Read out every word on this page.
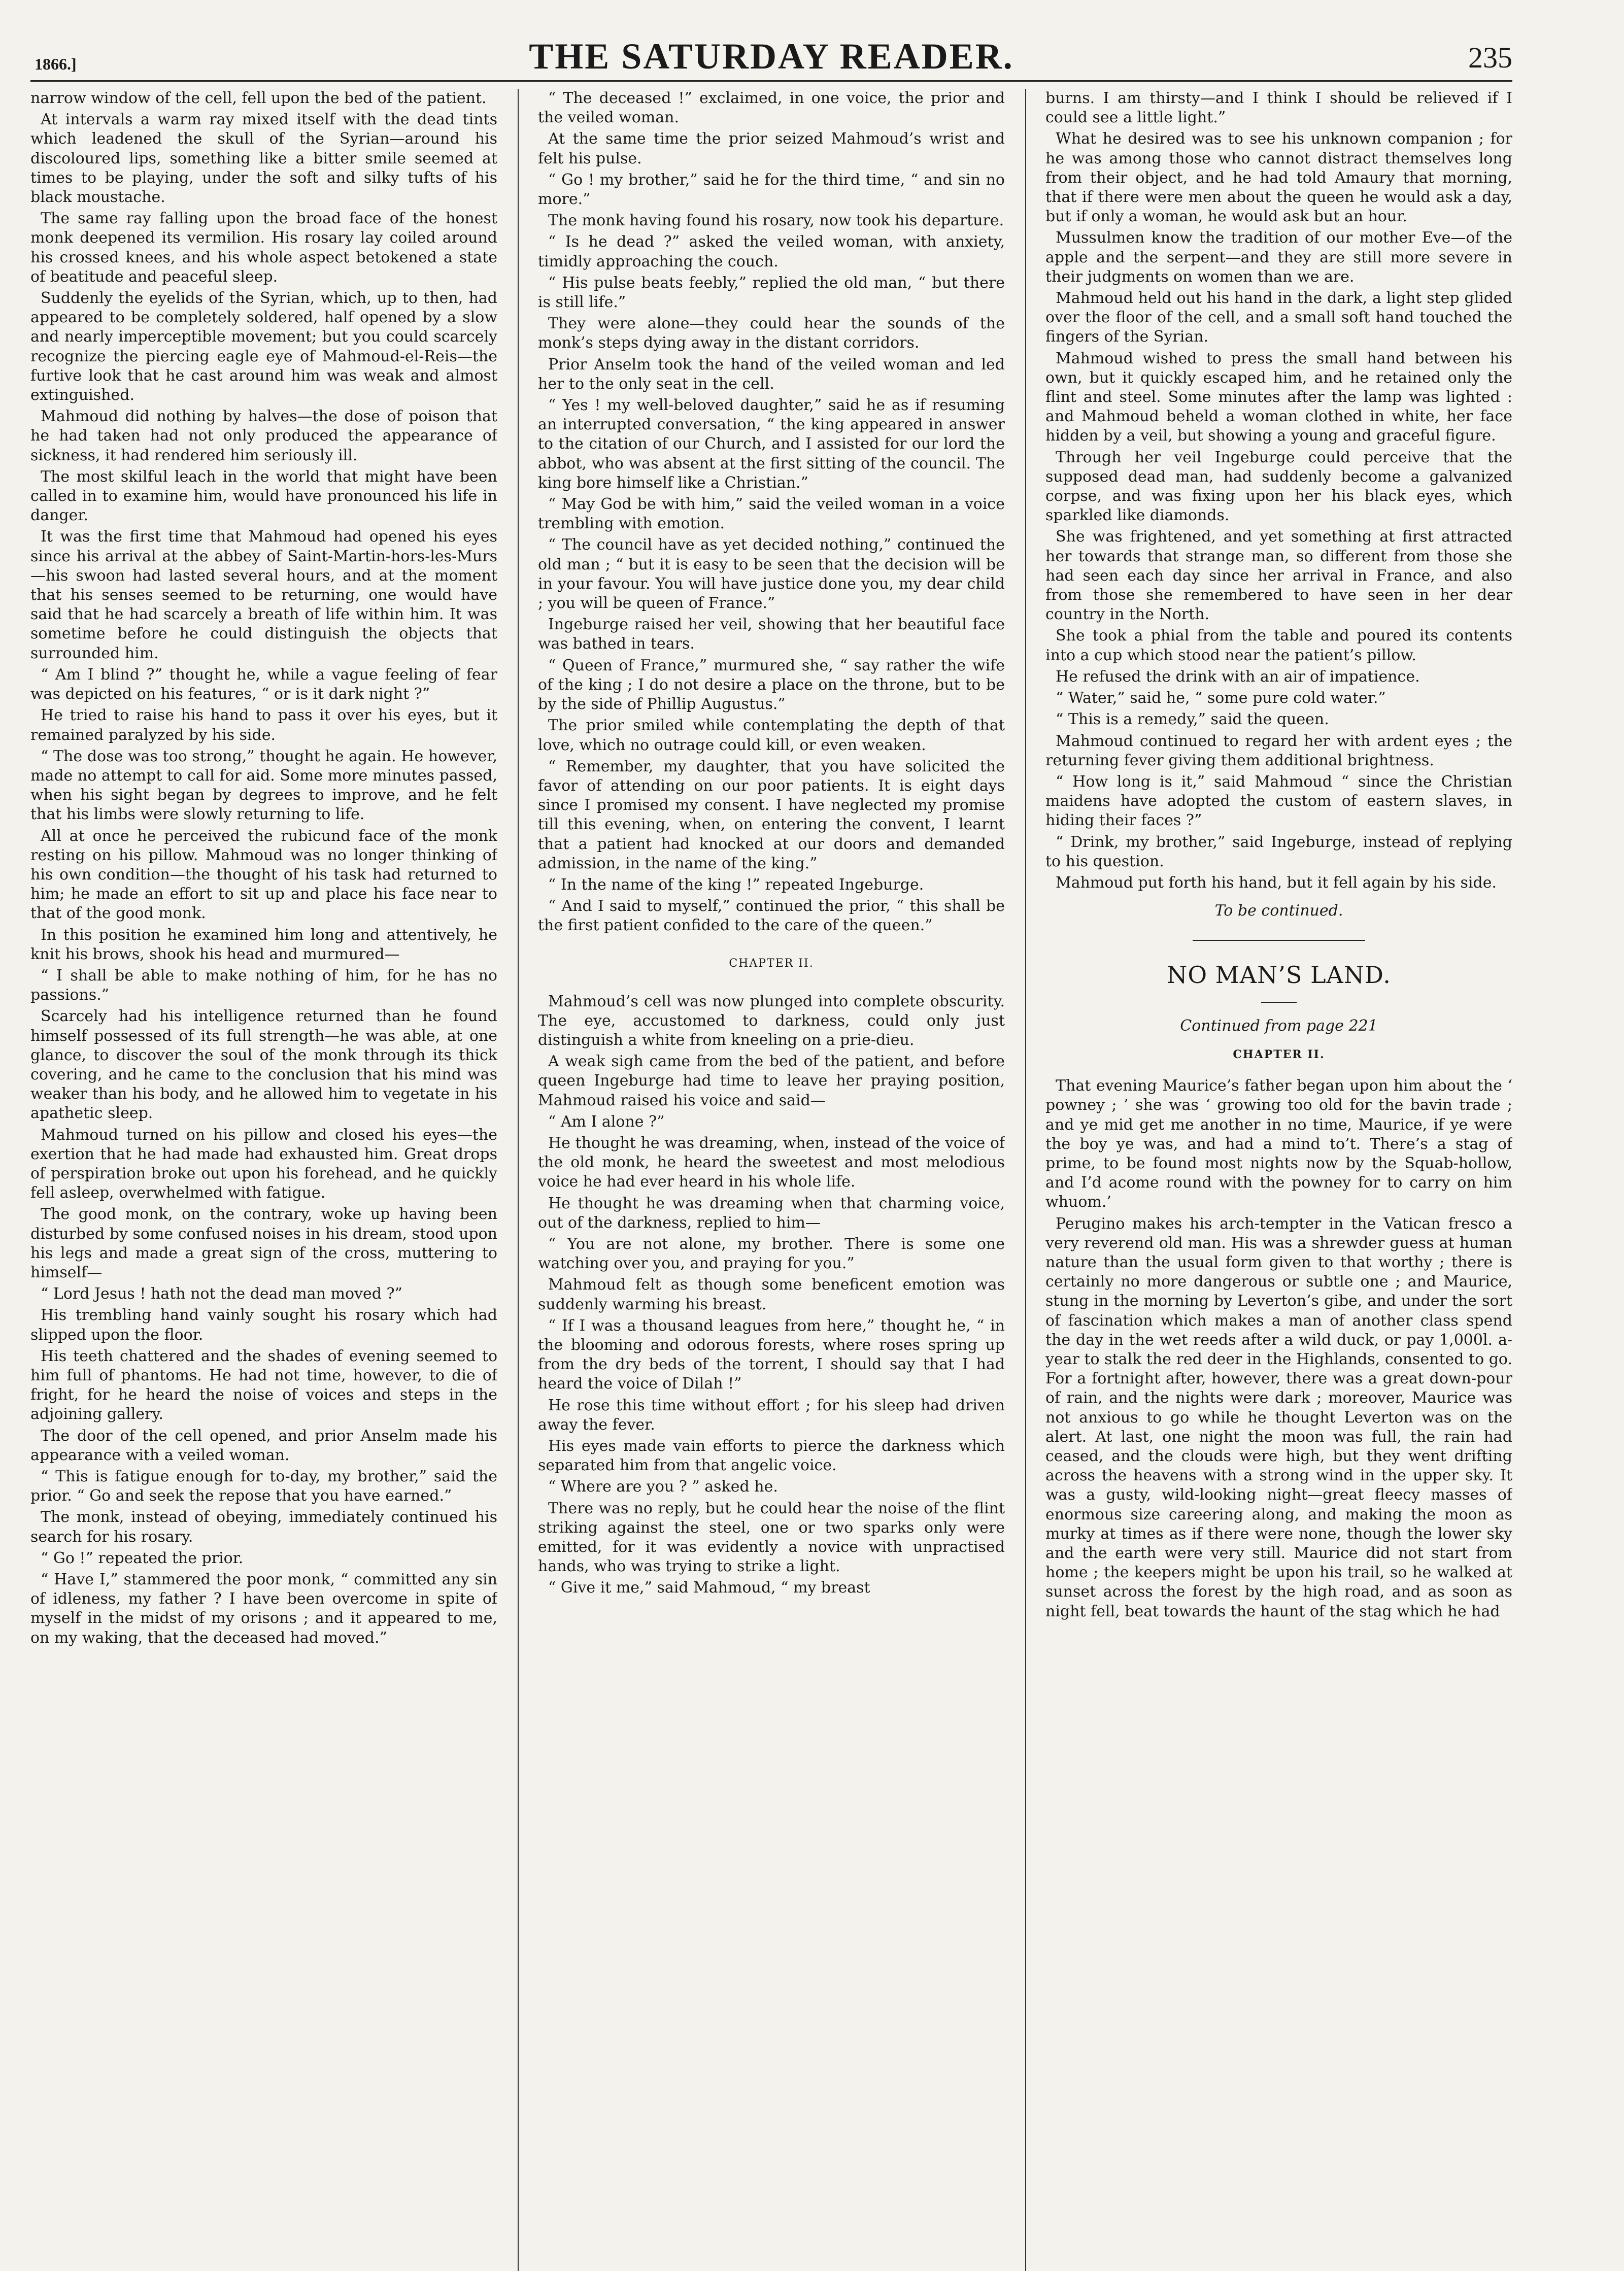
1866.]	THE SATURDAY READER.	235

narrow window of the cell, fell upon the bed of the patient.

At intervals a warm ray mixed itself with the dead tints which leadened the skull of the Syrian—around his discoloured lips, something like a bitter smile seemed at times to be playing, under the soft and silky tufts of his black moustache.

The same ray falling upon the broad face of the honest monk deepened its vermilion. His rosary lay coiled around his crossed knees, and his whole aspect betokened a state of beatitude and peaceful sleep.

Suddenly the eyelids of the Syrian, which, up to then, had appeared to be completely soldered, half opened by a slow and nearly imperceptible movement; but you could scarcely recognize the piercing eagle eye of Mahmoud-el-Reis—the furtive look that he cast around him was weak and almost extinguished.

Mahmoud did nothing by halves—the dose of poison that he had taken had not only produced the appearance of sickness, it had rendered him seriously ill.

The most skilful leach in the world that might have been called in to examine him, would have pronounced his life in danger.

It was the first time that Mahmoud had opened his eyes since his arrival at the abbey of Saint-Martin-hors-les-Murs—his swoon had lasted several hours, and at the moment that his senses seemed to be returning, one would have said that he had scarcely a breath of life within him. It was sometime before he could distinguish the objects that surrounded him.

“ Am I blind ?” thought he, while a vague feeling of fear was depicted on his features, “ or is it dark night ?”

He tried to raise his hand to pass it over his eyes, but it remained paralyzed by his side.

“ The dose was too strong,” thought he again. He however, made no attempt to call for aid. Some more minutes passed, when his sight began by degrees to improve, and he felt that his limbs were slowly returning to life.

All at once he perceived the rubicund face of the monk resting on his pillow. Mahmoud was no longer thinking of his own condition—the thought of his task had returned to him; he made an effort to sit up and place his face near to that of the good monk.

In this position he examined him long and attentively, he knit his brows, shook his head and murmured—

“ I shall be able to make nothing of him, for he has no passions.”

Scarcely had his intelligence returned than he found himself possessed of its full strength—he was able, at one glance, to discover the soul of the monk through its thick covering, and he came to the conclusion that his mind was weaker than his body, and he allowed him to vegetate in his apathetic sleep.

Mahmoud turned on his pillow and closed his eyes—the exertion that he had made had exhausted him. Great drops of perspiration broke out upon his forehead, and he quickly fell asleep, overwhelmed with fatigue.

The good monk, on the contrary, woke up having been disturbed by some confused noises in his dream, stood upon his legs and made a great sign of the cross, muttering to himself—

“ Lord Jesus ! hath not the dead man moved ?”

His trembling hand vainly sought his rosary which had slipped upon the floor.

His teeth chattered and the shades of evening seemed to him full of phantoms. He had not time, however, to die of fright, for he heard the noise of voices and steps in the adjoining gallery.

The door of the cell opened, and prior Anselm made his appearance with a veiled woman.

“ This is fatigue enough for to-day, my brother,” said the prior. “ Go and seek the repose that you have earned.”

The monk, instead of obeying, immediately continued his search for his rosary.

“ Go !” repeated the prior.

“ Have I,” stammered the poor monk, “ committed any sin of idleness, my father ? I have been overcome in spite of myself in the midst of my orisons ; and it appeared to me, on my waking, that the deceased had moved.”

“ The deceased !” exclaimed, in one voice, the prior and the veiled woman.

At the same time the prior seized Mahmoud’s wrist and felt his pulse.

“ Go ! my brother,” said he for the third time, “ and sin no more.”

The monk having found his rosary, now took his departure.

“ Is he dead ?” asked the veiled woman, with anxiety, timidly approaching the couch.

“ His pulse beats feebly,” replied the old man, “ but there is still life.”

They were alone—they could hear the sounds of the monk’s steps dying away in the distant corridors.

Prior Anselm took the hand of the veiled woman and led her to the only seat in the cell.

“ Yes ! my well-beloved daughter,” said he as if resuming an interrupted conversation, “ the king appeared in answer to the citation of our Church, and I assisted for our lord the abbot, who was absent at the first sitting of the council. The king bore himself like a Christian.”

“ May God be with him,” said the veiled woman in a voice trembling with emotion.

“ The council have as yet decided nothing,” continued the old man ; “ but it is easy to be seen that the decision will be in your favour. You will have justice done you, my dear child ; you will be queen of France.”

Ingeburge raised her veil, showing that her beautiful face was bathed in tears.

“ Queen of France,” murmured she, “ say rather the wife of the king ; I do not desire a place on the throne, but to be by the side of Phillip Augustus.”

The prior smiled while contemplating the depth of that love, which no outrage could kill, or even weaken.

“ Remember, my daughter, that you have solicited the favor of attending on our poor patients. It is eight days since I promised my consent. I have neglected my promise till this evening, when, on entering the convent, I learnt that a patient had knocked at our doors and demanded admission, in the name of the king.”

“ In the name of the king !” repeated Ingeburge.

“ And I said to myself,” continued the prior, “ this shall be the first patient confided to the care of the queen.”

CHAPTER II.

Mahmoud’s cell was now plunged into complete obscurity. The eye, accustomed to darkness, could only just distinguish a white from kneeling on a prie-dieu.

A weak sigh came from the bed of the patient, and before queen Ingeburge had time to leave her praying position, Mahmoud raised his voice and said—

“ Am I alone ?”

He thought he was dreaming, when, instead of the voice of the old monk, he heard the sweetest and most melodious voice he had ever heard in his whole life.

He thought he was dreaming when that charming voice, out of the darkness, replied to him—

“ You are not alone, my brother. There is some one watching over you, and praying for you.”

Mahmoud felt as though some beneficent emotion was suddenly warming his breast.

“ If I was a thousand leagues from here,” thought he, “ in the blooming and odorous forests, where roses spring up from the dry beds of the torrent, I should say that I had heard the voice of Dilah !”

He rose this time without effort ; for his sleep had driven away the fever.

His eyes made vain efforts to pierce the darkness which separated him from that angelic voice.

“ Where are you ? ” asked he.

There was no reply, but he could hear the noise of the flint striking against the steel, one or two sparks only were emitted, for it was evidently a novice with unpractised hands, who was trying to strike a light.

“ Give it me,” said Mahmoud, “ my breast

burns. I am thirsty—and I think I should be relieved if I could see a little light.”

What he desired was to see his unknown companion ; for he was among those who cannot distract themselves long from their object, and he had told Amaury that morning, that if there were men about the queen he would ask a day, but if only a woman, he would ask but an hour.

Mussulmen know the tradition of our mother Eve—of the apple and the serpent—and they are still more severe in their judgments on women than we are.

Mahmoud held out his hand in the dark, a light step glided over the floor of the cell, and a small soft hand touched the fingers of the Syrian.

Mahmoud wished to press the small hand between his own, but it quickly escaped him, and he retained only the flint and steel. Some minutes after the lamp was lighted : and Mahmoud beheld a woman clothed in white, her face hidden by a veil, but showing a young and graceful figure.

Through her veil Ingeburge could perceive that the supposed dead man, had suddenly become a galvanized corpse, and was fixing upon her his black eyes, which sparkled like diamonds.

She was frightened, and yet something at first attracted her towards that strange man, so different from those she had seen each day since her arrival in France, and also from those she remembered to have seen in her dear country in the North.

She took a phial from the table and poured its contents into a cup which stood near the patient’s pillow.

He refused the drink with an air of impatience.

“ Water,” said he, “ some pure cold water.”

“ This is a remedy,” said the queen.

Mahmoud continued to regard her with ardent eyes ; the returning fever giving them additional brightness.

“ How long is it,” said Mahmoud “ since the Christian maidens have adopted the custom of eastern slaves, in hiding their faces ?”

“ Drink, my brother,” said Ingeburge, instead of replying to his question.

Mahmoud put forth his hand, but it fell again by his side.

To be continued.
NO MAN’S LAND.
Continued from page 221
CHAPTER II.

That evening Maurice’s father began upon him about the ‘ powney ; ’ she was ‘ growing too old for the bavin trade ; and ye mid get me another in no time, Maurice, if ye were the boy ye was, and had a mind to’t. There’s a stag of prime, to be found most nights now by the Squab-hollow, and I’d acome round with the powney for to carry on him whuom.’

Perugino makes his arch-tempter in the Vatican fresco a very reverend old man. His was a shrewder guess at human nature than the usual form given to that worthy ; there is certainly no more dangerous or subtle one ; and Maurice, stung in the morning by Leverton’s gibe, and under the sort of fascination which makes a man of another class spend the day in the wet reeds after a wild duck, or pay 1,000l. a-year to stalk the red deer in the Highlands, consented to go. For a fortnight after, however, there was a great down-pour of rain, and the nights were dark ; moreover, Maurice was not anxious to go while he thought Leverton was on the alert. At last, one night the moon was full, the rain had ceased, and the clouds were high, but they went drifting across the heavens with a strong wind in the upper sky. It was a gusty, wild-looking night—great fleecy masses of enormous size careering along, and making the moon as murky at times as if there were none, though the lower sky and the earth were very still. Maurice did not start from home ; the keepers might be upon his trail, so he walked at sunset across the forest by the high road, and as soon as night fell, beat towards the haunt of the stag which he had
